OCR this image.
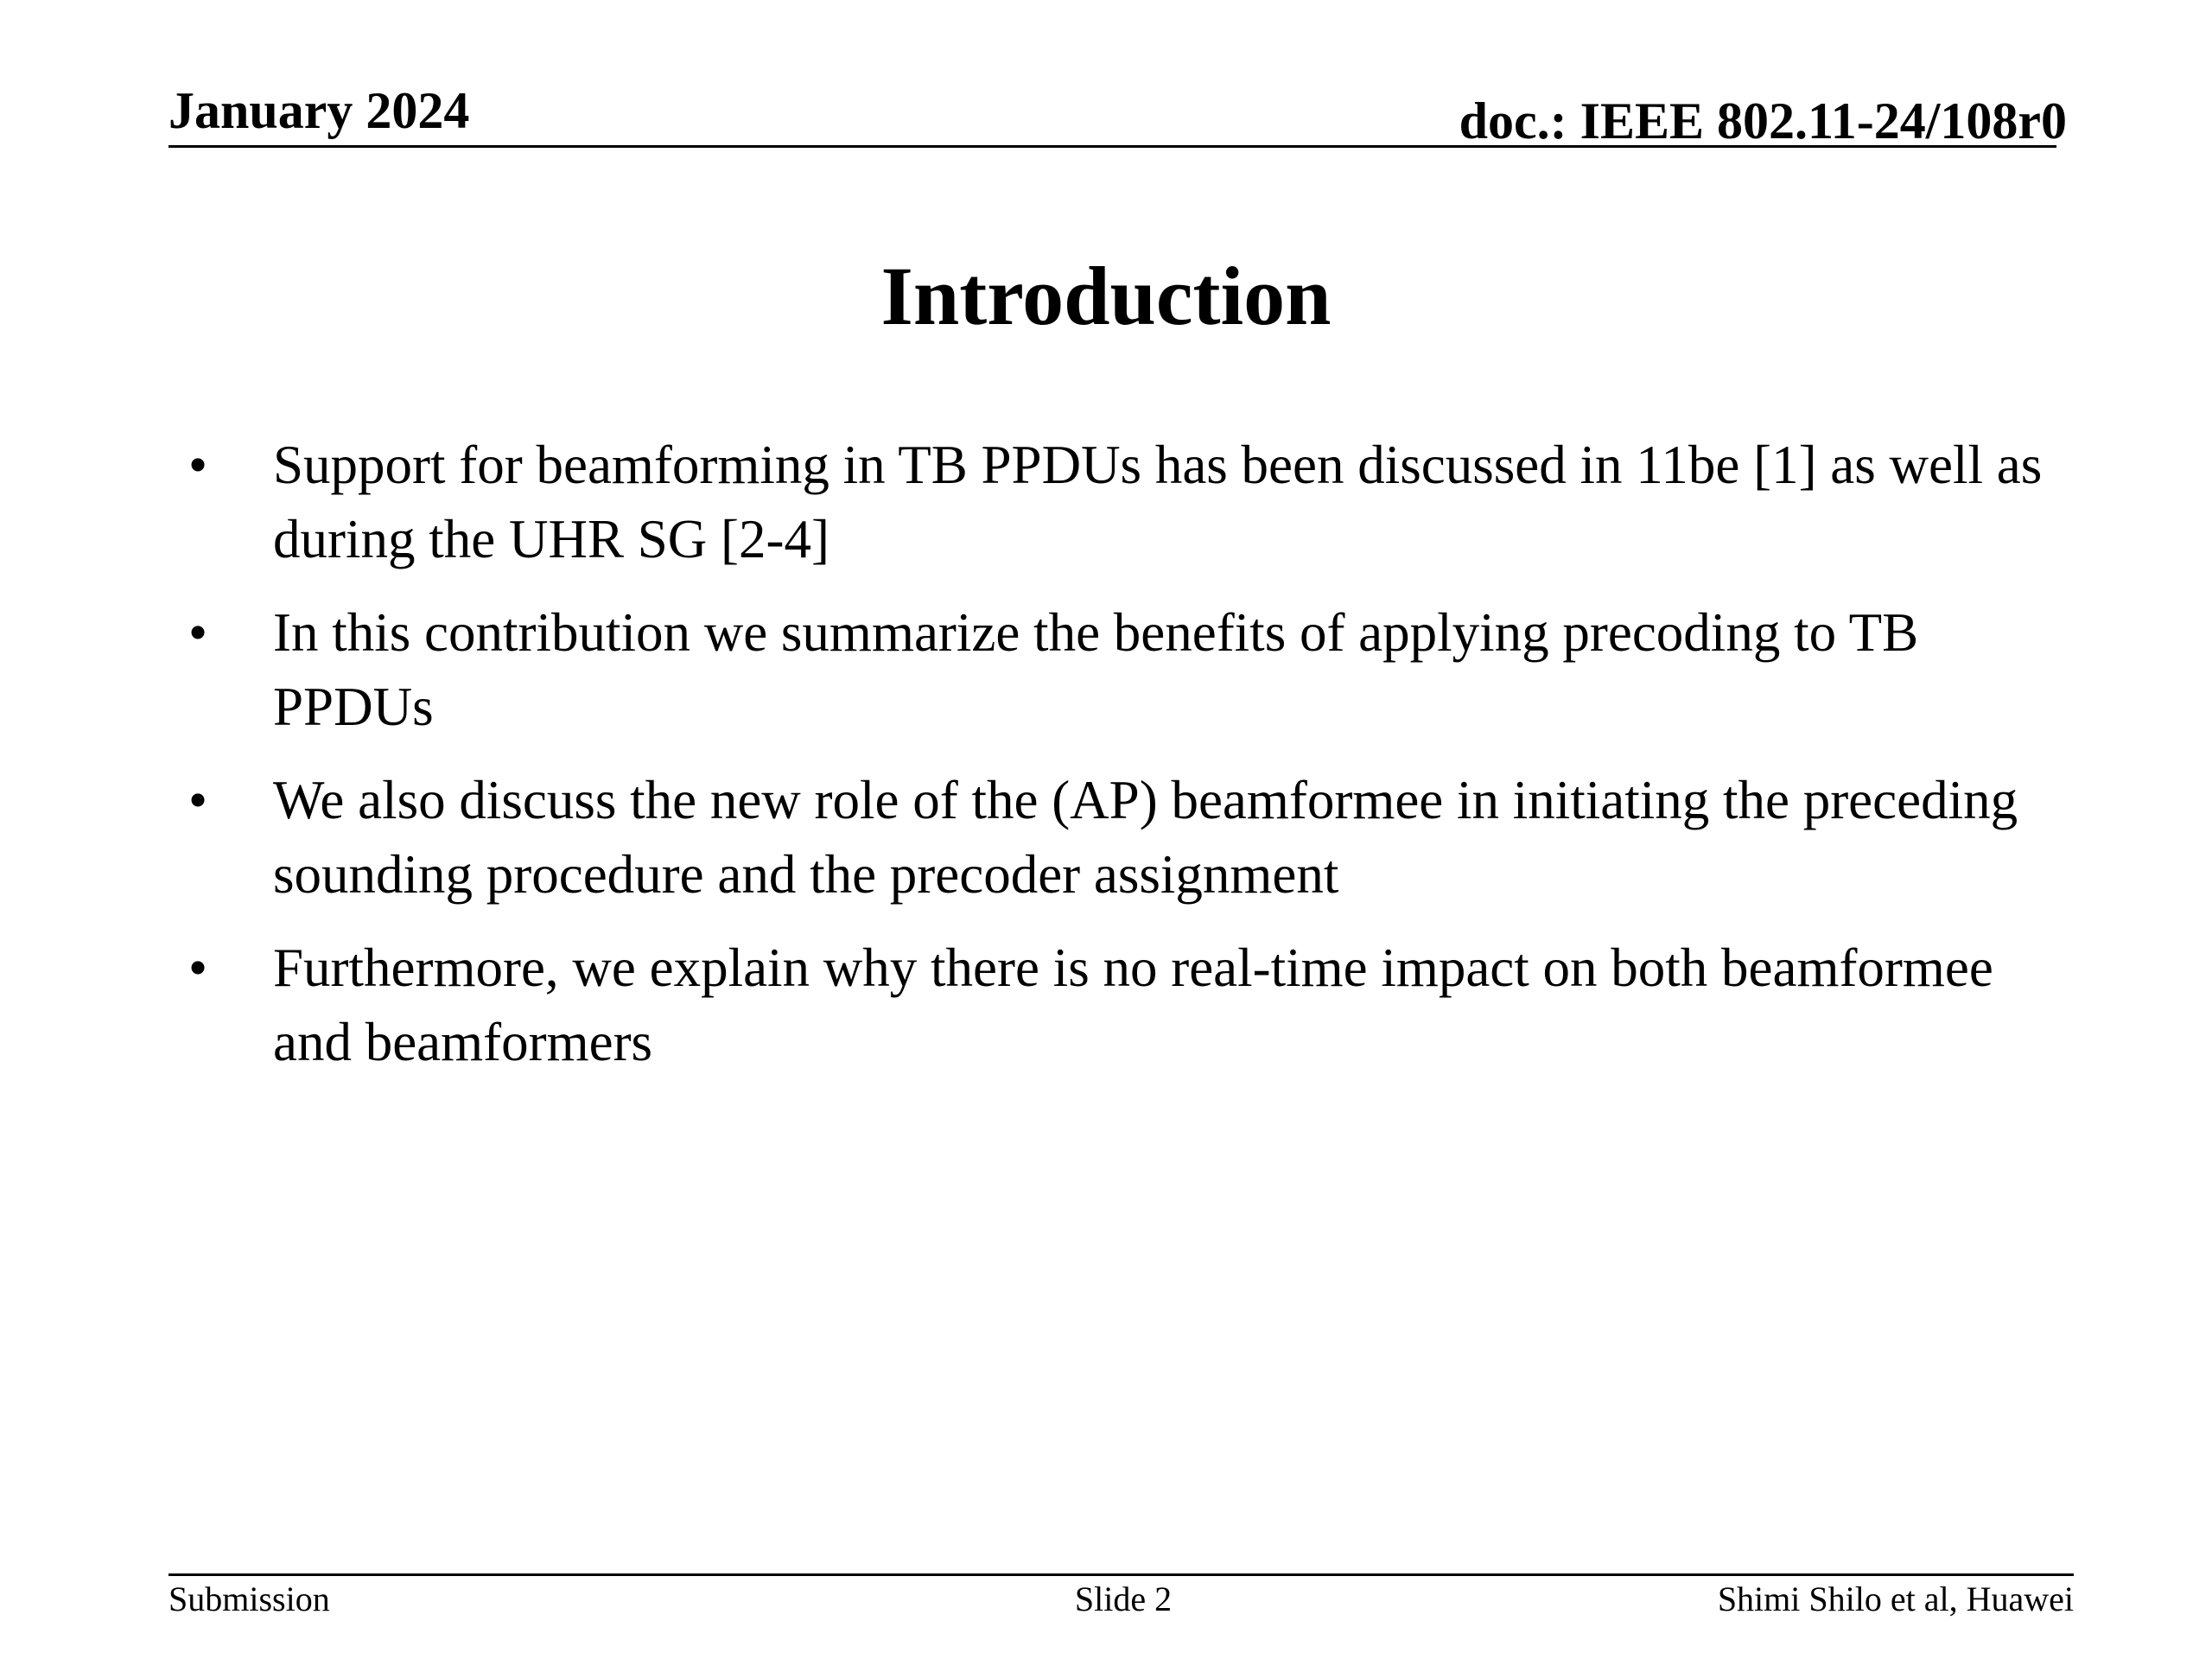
January 2024	doc.: IEEE 802.11-24/108r0
Introduction
• Support for beamforming in TB PPDUs has been discussed in 11be [1] as well as during the UHR SG [2-4]
• In this contribution we summarize the benefits of applying precoding to TB PPDUs
• We also discuss the new role of the (AP) beamformee in initiating the preceding sounding procedure and the precoder assignment
• Furthermore, we explain why there is no real-time impact on both beamformee and beamformers
Submission	Slide 2	Shimi Shilo et al, Huawei
